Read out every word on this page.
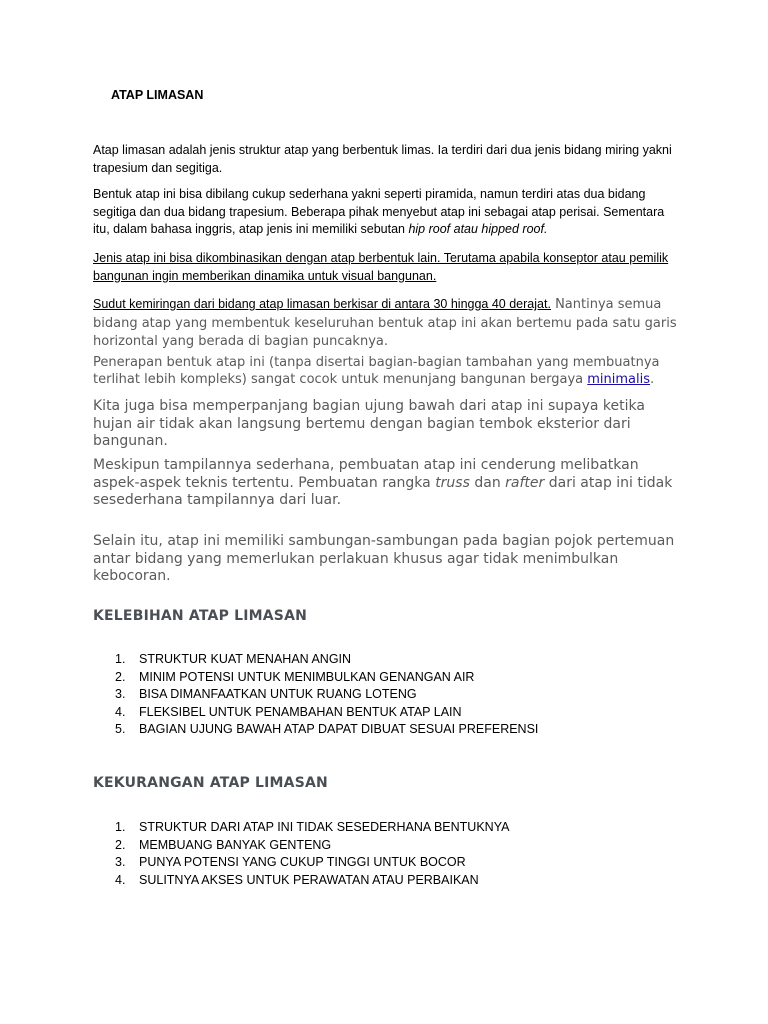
ATAP LIMASAN

Atap limasan adalah jenis struktur atap yang berbentuk limas. Ia terdiri dari dua jenis bidang miring yakni trapesium dan segitiga.

Bentuk atap ini bisa dibilang cukup sederhana yakni seperti piramida, namun terdiri atas dua bidang segitiga dan dua bidang trapesium. Beberapa pihak menyebut atap ini sebagai atap perisai. Sementara itu, dalam bahasa inggris, atap jenis ini memiliki sebutan hip roof atau hipped roof.

Jenis atap ini bisa dikombinasikan dengan atap berbentuk lain. Terutama apabila konseptor atau pemilik bangunan ingin memberikan dinamika untuk visual bangunan.

Sudut kemiringan dari bidang atap limasan berkisar di antara 30 hingga 40 derajat. Nantinya semua bidang atap yang membentuk keseluruhan bentuk atap ini akan bertemu pada satu garis horizontal yang berada di bagian puncaknya.

Penerapan bentuk atap ini (tanpa disertai bagian-bagian tambahan yang membuatnya terlihat lebih kompleks) sangat cocok untuk menunjang bangunan bergaya minimalis.

Kita juga bisa memperpanjang bagian ujung bawah dari atap ini supaya ketika hujan air tidak akan langsung bertemu dengan bagian tembok eksterior dari bangunan.

Meskipun tampilannya sederhana, pembuatan atap ini cenderung melibatkan aspek-aspek teknis tertentu. Pembuatan rangka truss dan rafter dari atap ini tidak sesederhana tampilannya dari luar.

Selain itu, atap ini memiliki sambungan-sambungan pada bagian pojok pertemuan antar bidang yang memerlukan perlakuan khusus agar tidak menimbulkan kebocoran.

KELEBIHAN ATAP LIMASAN
1. STRUKTUR KUAT MENAHAN ANGIN
2. MINIM POTENSI UNTUK MENIMBULKAN GENANGAN AIR
3. BISA DIMANFAATKAN UNTUK RUANG LOTENG
4. FLEKSIBEL UNTUK PENAMBAHAN BENTUK ATAP LAIN
5. BAGIAN UJUNG BAWAH ATAP DAPAT DIBUAT SESUAI PREFERENSI
KEKURANGAN ATAP LIMASAN
1. STRUKTUR DARI ATAP INI TIDAK SESEDERHANA BENTUKNYA
2. MEMBUANG BANYAK GENTENG
3. PUNYA POTENSI YANG CUKUP TINGGI UNTUK BOCOR
4. SULITNYA AKSES UNTUK PERAWATAN ATAU PERBAIKAN
